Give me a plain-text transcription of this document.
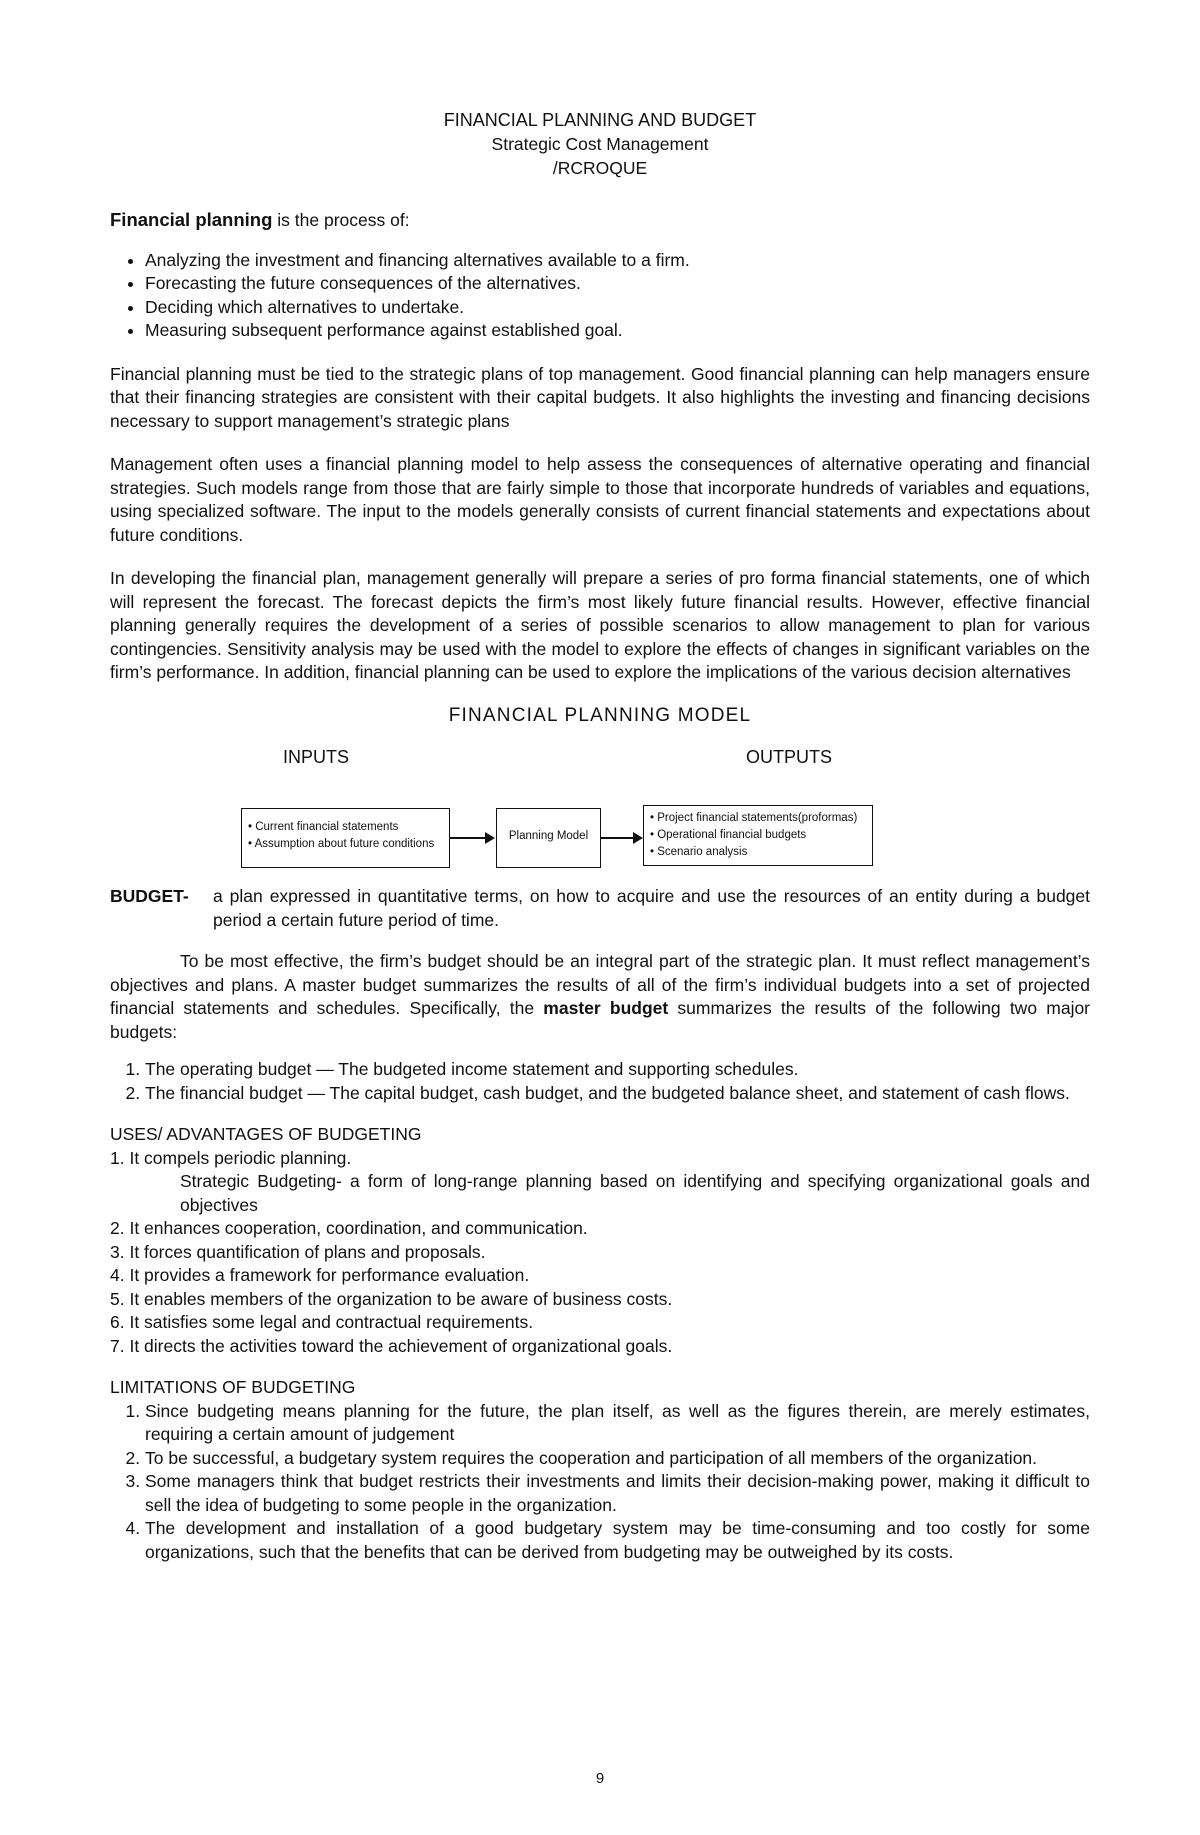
FINANCIAL PLANNING AND BUDGET
Strategic Cost Management
/RCROQUE
Financial planning is the process of:
• Analyzing the investment and financing alternatives available to a firm.
• Forecasting the future consequences of the alternatives.
• Deciding which alternatives to undertake.
• Measuring subsequent performance against established goal.

Financial planning must be tied to the strategic plans of top management. Good financial planning can help managers ensure that their financing strategies are consistent with their capital budgets. It also highlights the investing and financing decisions necessary to support management’s strategic plans

Management often uses a financial planning model to help assess the consequences of alternative operating and financial strategies. Such models range from those that are fairly simple to those that incorporate hundreds of variables and equations, using specialized software. The input to the models generally consists of current financial statements and expectations about future conditions.

In developing the financial plan, management generally will prepare a series of pro forma financial statements, one of which will represent the forecast. The forecast depicts the firm’s most likely future financial results. However, effective financial planning generally requires the development of a series of possible scenarios to allow management to plan for various contingencies. Sensitivity analysis may be used with the model to explore the effects of changes in significant variables on the firm’s performance. In addition, financial planning can be used to explore the implications of the various decision alternatives

FINANCIAL PLANNING MODEL
INPUTS	OUTPUTS
• Current financial statements
• Assumption about future conditions
Planning Model
• Project financial statements(proformas)
• Operational financial budgets
• Scenario analysis
BUDGET- a plan expressed in quantitative terms, on how to acquire and use the resources of an entity during a budget period a certain future period of time.

To be most effective, the firm’s budget should be an integral part of the strategic plan. It must reflect management’s objectives and plans. A master budget summarizes the results of all of the firm’s individual budgets into a set of projected financial statements and schedules. Specifically, the master budget summarizes the results of the following two major budgets:

1. The operating budget — The budgeted income statement and supporting schedules.
2. The financial budget — The capital budget, cash budget, and the budgeted balance sheet, and statement of cash flows.
USES/ ADVANTAGES OF BUDGETING
1. It compels periodic planning.
Strategic Budgeting- a form of long-range planning based on identifying and specifying organizational goals and objectives
2. It enhances cooperation, coordination, and communication.
3. It forces quantification of plans and proposals.
4. It provides a framework for performance evaluation.
5. It enables members of the organization to be aware of business costs.
6. It satisfies some legal and contractual requirements.
7. It directs the activities toward the achievement of organizational goals.
LIMITATIONS OF BUDGETING
1. Since budgeting means planning for the future, the plan itself, as well as the figures therein, are merely estimates, requiring a certain amount of judgement
2. To be successful, a budgetary system requires the cooperation and participation of all members of the organization.
3. Some managers think that budget restricts their investments and limits their decision-making power, making it difficult to sell the idea of budgeting to some people in the organization.
4. The development and installation of a good budgetary system may be time-consuming and too costly for some organizations, such that the benefits that can be derived from budgeting may be outweighed by its costs.
9
